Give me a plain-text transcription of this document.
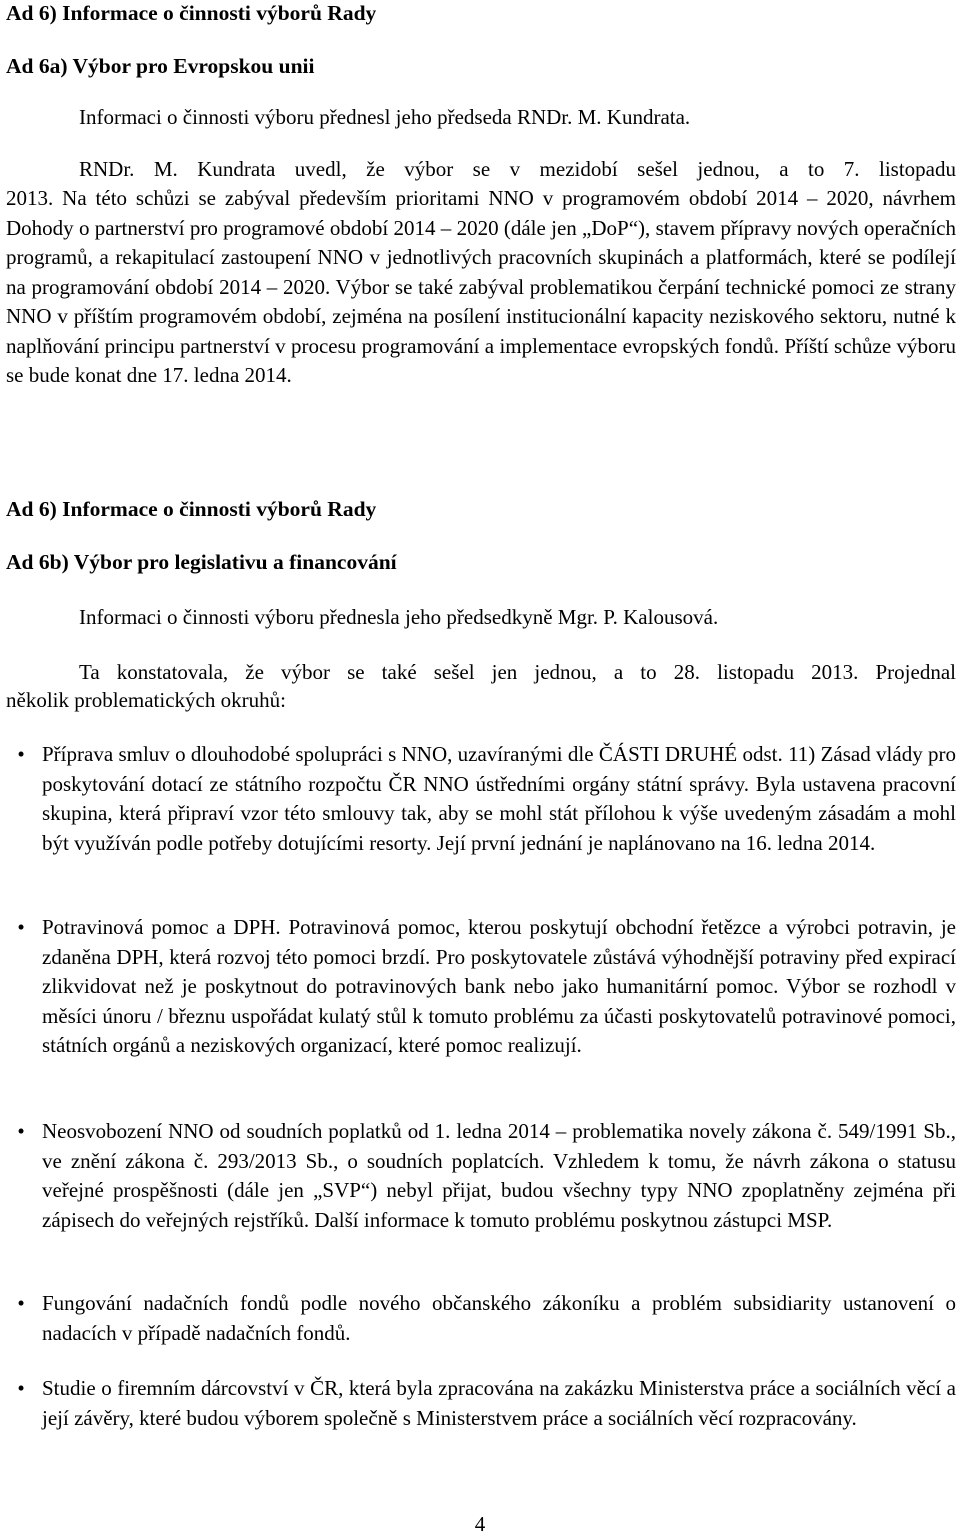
Ad 6) Informace o činnosti výborů Rady
Ad 6a) Výbor pro Evropskou unii
Informaci o činnosti výboru přednesl jeho předseda RNDr. M. Kundrata.
RNDr. M. Kundrata uvedl, že výbor se v mezidobí sešel jednou, a to 7. listopadu

2013. Na této schůzi se zabýval především prioritami NNO v programovém období 2014 – 2020, návrhem Dohody o partnerství pro programové období 2014 – 2020 (dále jen „DoP“), stavem přípravy nových operačních programů, a rekapitulací zastoupení NNO v jednotlivých pracovních skupinách a platformách, které se podílejí na programování období 2014 – 2020. Výbor se také zabýval problematikou čerpání technické pomoci ze strany NNO v příštím programovém období, zejména na posílení institucionální kapacity neziskového sektoru, nutné k naplňování principu partnerství v procesu programování a implementace evropských fondů. Příští schůze výboru se bude konat dne 17. ledna 2014.

Ad 6) Informace o činnosti výborů Rady
Ad 6b) Výbor pro legislativu a financování
Informaci o činnosti výboru přednesla jeho předsedkyně Mgr. P. Kalousová.
Ta konstatovala, že výbor se také sešel jen jednou, a to 28. listopadu 2013. Projednal

několik problematických okruhů:

• Příprava smluv o dlouhodobé spolupráci s NNO, uzavíranými dle ČÁSTI DRUHÉ odst. 11) Zásad vlády pro poskytování dotací ze státního rozpočtu ČR NNO ústředními orgány státní správy. Byla ustavena pracovní skupina, která připraví vzor této smlouvy tak, aby se mohl stát přílohou k výše uvedeným zásadám a mohl být využíván podle potřeby dotujícími resorty. Její první jednání je naplánovano na 16. ledna 2014.
• Potravinová pomoc a DPH. Potravinová pomoc, kterou poskytují obchodní řetězce a výrobci potravin, je zdaněna DPH, která rozvoj této pomoci brzdí. Pro poskytovatele zůstává výhodnější potraviny před expirací zlikvidovat než je poskytnout do potravinových bank nebo jako humanitární pomoc. Výbor se rozhodl v měsíci únoru / březnu uspořádat kulatý stůl k tomuto problému za účasti poskytovatelů potravinové pomoci, státních orgánů a neziskových organizací, které pomoc realizují.
• Neosvobození NNO od soudních poplatků od 1. ledna 2014 – problematika novely zákona č. 549/1991 Sb., ve znění zákona č. 293/2013 Sb., o soudních poplatcích. Vzhledem k tomu, že návrh zákona o statusu veřejné prospěšnosti (dále jen „SVP“) nebyl přijat, budou všechny typy NNO zpoplatněny zejména při zápisech do veřejných rejstříků. Další informace k tomuto problému poskytnou zástupci MSP.
• Fungování nadačních fondů podle nového občanského zákoníku a problém subsidiarity ustanovení o nadacích v případě nadačních fondů.
• Studie o firemním dárcovství v ČR, která byla zpracována na zakázku Ministerstva práce a sociálních věcí a její závěry, které budou výborem společně s Ministerstvem práce a sociálních věcí rozpracovány.
4
